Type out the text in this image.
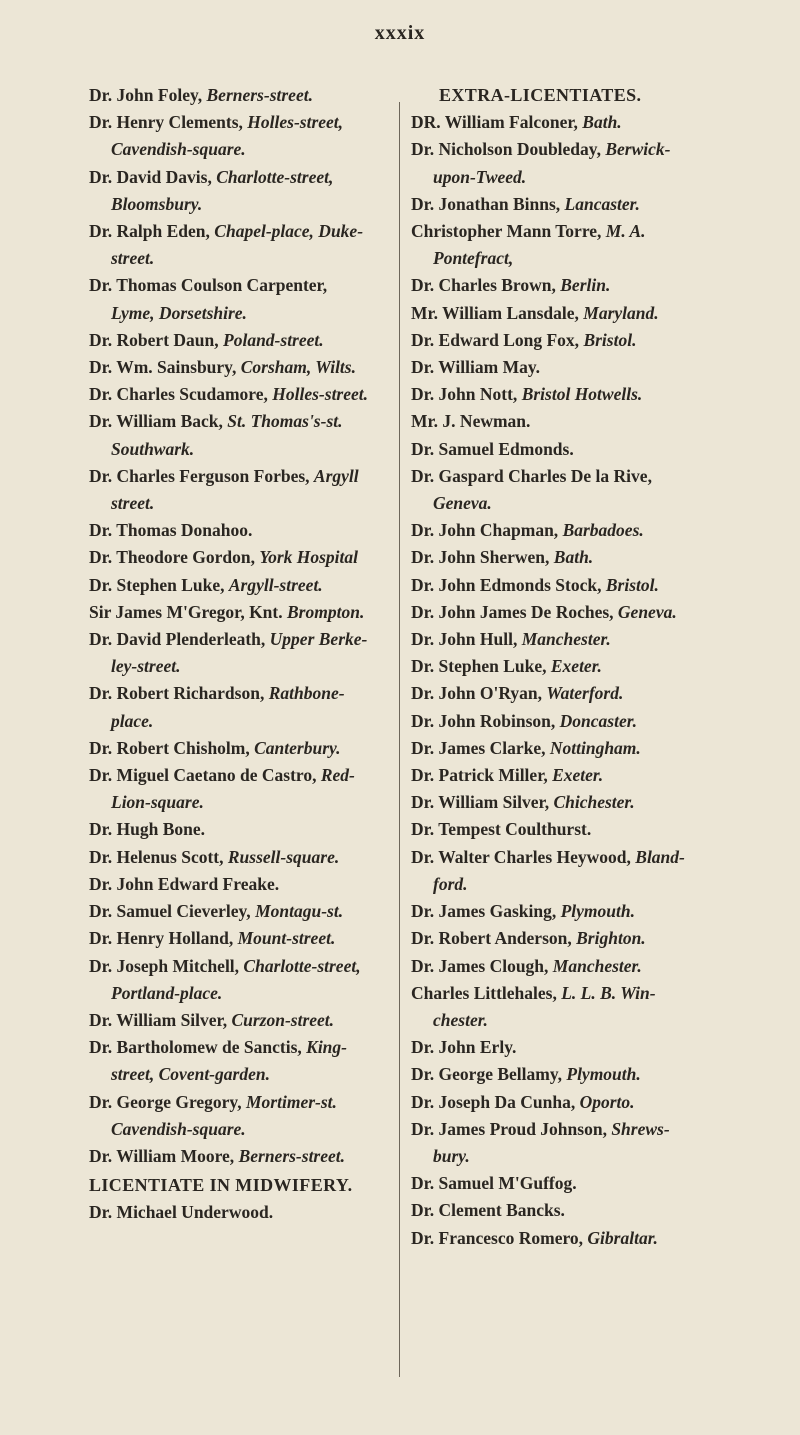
xxxix
Dr. John Foley, Berners-street.
Dr. Henry Clements, Holles-street,
Cavendish-square.
Dr. David Davis, Charlotte-street,
Bloomsbury.
Dr. Ralph Eden, Chapel-place, Duke-
street.
Dr. Thomas Coulson Carpenter,
Lyme, Dorsetshire.
Dr. Robert Daun, Poland-street.
Dr. Wm. Sainsbury, Corsham, Wilts.
Dr. Charles Scudamore, Holles-street.
Dr. William Back, St. Thomas's-st.
Southwark.
Dr. Charles Ferguson Forbes, Argyll
street.
Dr. Thomas Donahoo.
Dr. Theodore Gordon, York Hospital
Dr. Stephen Luke, Argyll-street.
Sir James M'Gregor, Knt. Brompton.
Dr. David Plenderleath, Upper Berke-
ley-street.
Dr. Robert Richardson, Rathbone-
place.
Dr. Robert Chisholm, Canterbury.
Dr. Miguel Caetano de Castro, Red-
Lion-square.
Dr. Hugh Bone.
Dr. Helenus Scott, Russell-square.
Dr. John Edward Freake.
Dr. Samuel Cieverley, Montagu-st.
Dr. Henry Holland, Mount-street.
Dr. Joseph Mitchell, Charlotte-street,
Portland-place.
Dr. William Silver, Curzon-street.
Dr. Bartholomew de Sanctis, King-
street, Covent-garden.
Dr. George Gregory, Mortimer-st.
Cavendish-square.
Dr. William Moore, Berners-street.
LICENTIATE IN MIDWIFERY.
Dr. Michael Underwood.
EXTRA-LICENTIATES.
DR. William Falconer, Bath.
Dr. Nicholson Doubleday, Berwick-
upon-Tweed.
Dr. Jonathan Binns, Lancaster.
Christopher Mann Torre, M. A.
Pontefract,
Dr. Charles Brown, Berlin.
Mr. William Lansdale, Maryland.
Dr. Edward Long Fox, Bristol.
Dr. William May.
Dr. John Nott, Bristol Hotwells.
Mr. J. Newman.
Dr. Samuel Edmonds.
Dr. Gaspard Charles De la Rive,
Geneva.
Dr. John Chapman, Barbadoes.
Dr. John Sherwen, Bath.
Dr. John Edmonds Stock, Bristol.
Dr. John James De Roches, Geneva.
Dr. John Hull, Manchester.
Dr. Stephen Luke, Exeter.
Dr. John O'Ryan, Waterford.
Dr. John Robinson, Doncaster.
Dr. James Clarke, Nottingham.
Dr. Patrick Miller, Exeter.
Dr. William Silver, Chichester.
Dr. Tempest Coulthurst.
Dr. Walter Charles Heywood, Bland-
ford.
Dr. James Gasking, Plymouth.
Dr. Robert Anderson, Brighton.
Dr. James Clough, Manchester.
Charles Littlehales, L. L. B. Win-
chester.
Dr. John Erly.
Dr. George Bellamy, Plymouth.
Dr. Joseph Da Cunha, Oporto.
Dr. James Proud Johnson, Shrews-
bury.
Dr. Samuel M'Guffog.
Dr. Clement Bancks.
Dr. Francesco Romero, Gibraltar.
